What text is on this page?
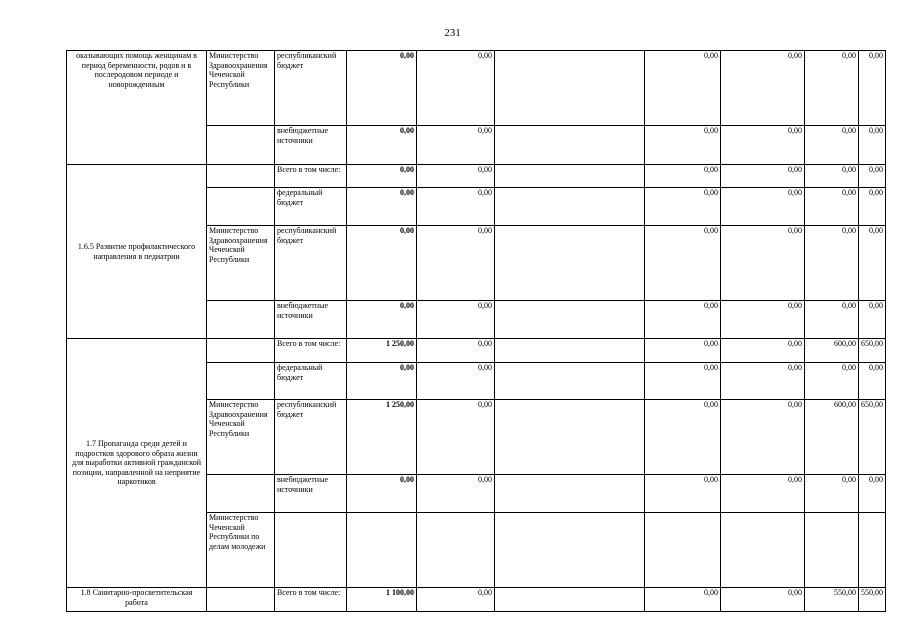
231
оказывающих помощь женщинам в период беременности, родов и в послеродовом периоде и новорожденным	Министерство Здравоохранения Чеченской Республики	республиканский бюджет	0,00	0,00		0,00	0,00	0,00	0,00
		внебюджетные источники	0,00	0,00		0,00	0,00	0,00	0,00
1.6.5 Развитие профилактического направления в педиатрии		Всего в том числе:	0,00	0,00		0,00	0,00	0,00	0,00
		федеральный бюджет	0,00	0,00		0,00	0,00	0,00	0,00
	Министерство Здравоохранения Чеченской Республики	республиканский бюджет	0,00	0,00		0,00	0,00	0,00	0,00
		внебюджетные источники	0,00	0,00		0,00	0,00	0,00	0,00
1.7 Пропаганда среди детей и подростков здорового образа жизни для выработки активной гражданской позиции, направленной на неприятие наркотиков		Всего в том числе:	1 250,00	0,00		0,00	0,00	600,00	650,00
		федеральный бюджет	0,00	0,00		0,00	0,00	0,00	0,00
	Министерство Здравоохранения Чеченской Республики	республиканский бюджет	1 250,00	0,00		0,00	0,00	600,00	650,00
		внебюджетные источники	0,00	0,00		0,00	0,00	0,00	0,00
	Министерство Чеченской Республики по делам молодежи								
1.8 Санитарно-просветительская работа		Всего в том числе:	1 100,00	0,00		0,00	0,00	550,00	550,00
